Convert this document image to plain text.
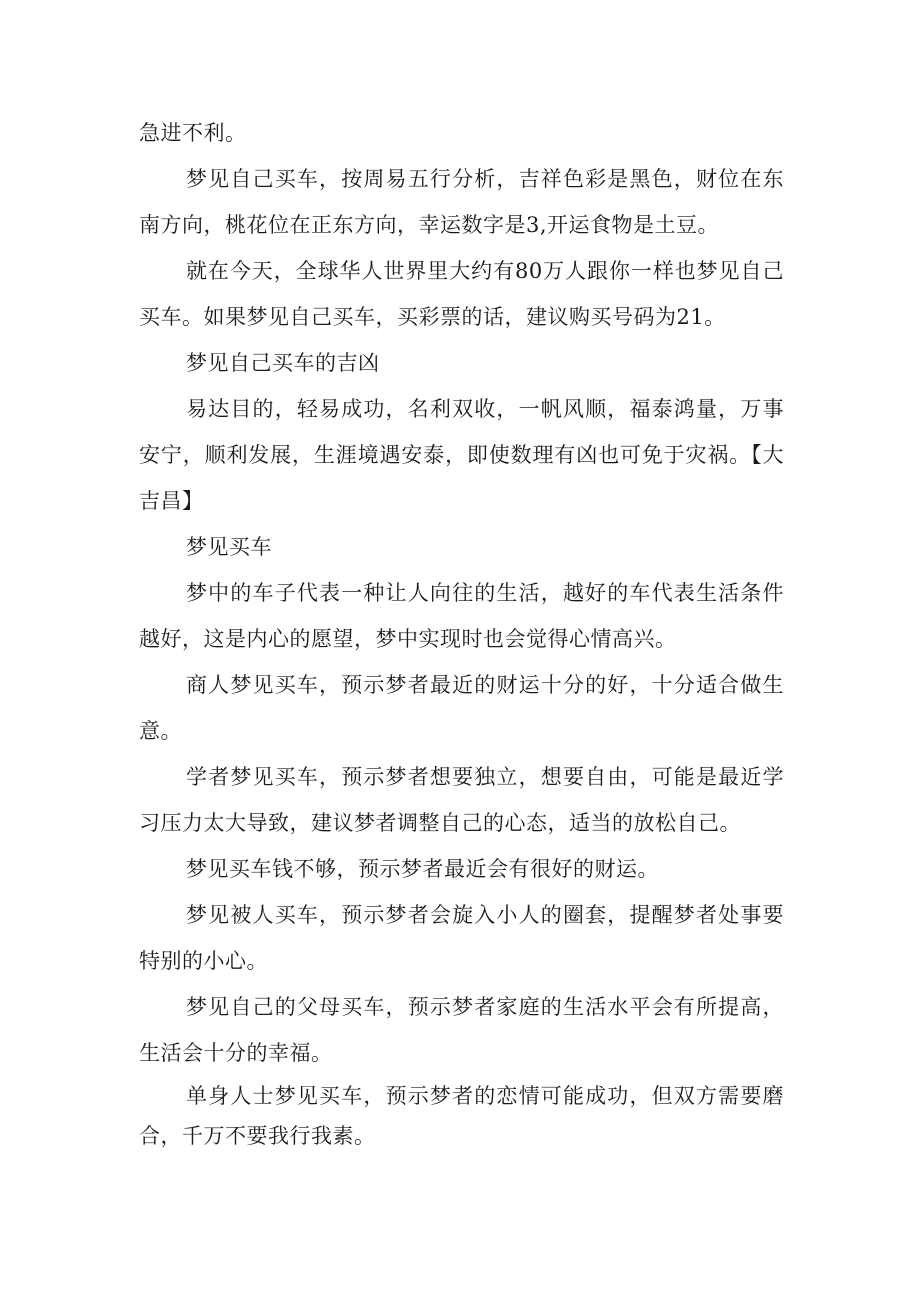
急进不利。

梦见自己买车，按周易五行分析，吉祥色彩是黑色，财位在东南方向，桃花位在正东方向，幸运数字是3,开运食物是土豆。

就在今天，全球华人世界里大约有80万人跟你一样也梦见自己买车。如果梦见自己买车，买彩票的话，建议购买号码为21。

梦见自己买车的吉凶

易达目的，轻易成功，名利双收，一帆风顺，福泰鸿量，万事安宁，顺利发展，生涯境遇安泰，即使数理有凶也可免于灾祸。【大吉昌】

梦见买车

梦中的车子代表一种让人向往的生活，越好的车代表生活条件越好，这是内心的愿望，梦中实现时也会觉得心情高兴。

商人梦见买车，预示梦者最近的财运十分的好，十分适合做生意。

学者梦见买车，预示梦者想要独立，想要自由，可能是最近学习压力太大导致，建议梦者调整自己的心态，适当的放松自己。

梦见买车钱不够，预示梦者最近会有很好的财运。

梦见被人买车，预示梦者会旋入小人的圈套，提醒梦者处事要特别的小心。

梦见自己的父母买车，预示梦者家庭的生活水平会有所提高，生活会十分的幸福。

单身人士梦见买车，预示梦者的恋情可能成功，但双方需要磨合，千万不要我行我素。
